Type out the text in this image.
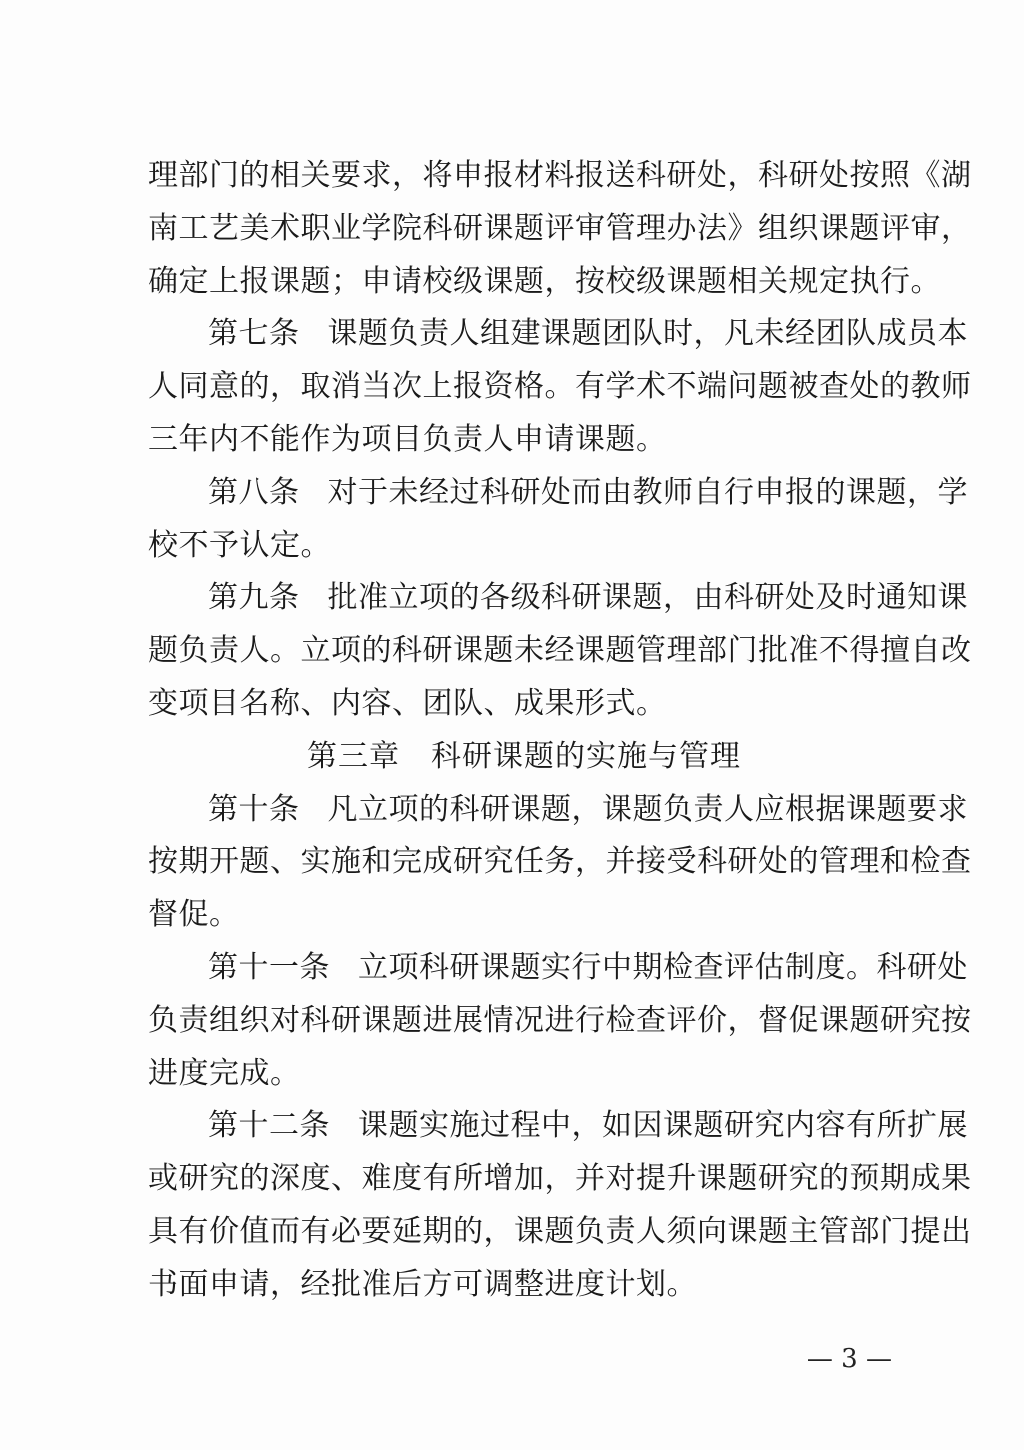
理部门的相关要求，将申报材料报送科研处，科研处按照《湖
南工艺美术职业学院科研课题评审管理办法》组织课题评审，
确定上报课题；申请校级课题，按校级课题相关规定执行。
第七条 课题负责人组建课题团队时，凡未经团队成员本
人同意的，取消当次上报资格。有学术不端问题被查处的教师
三年内不能作为项目负责人申请课题。
第八条 对于未经过科研处而由教师自行申报的课题，学
校不予认定。
第九条 批准立项的各级科研课题，由科研处及时通知课
题负责人。立项的科研课题未经课题管理部门批准不得擅自改
变项目名称、内容、团队、成果形式。
第三章　科研课题的实施与管理
第十条 凡立项的科研课题，课题负责人应根据课题要求
按期开题、实施和完成研究任务，并接受科研处的管理和检查
督促。
第十一条 立项科研课题实行中期检查评估制度。科研处
负责组织对科研课题进展情况进行检查评价，督促课题研究按
进度完成。
第十二条 课题实施过程中，如因课题研究内容有所扩展
或研究的深度、难度有所增加，并对提升课题研究的预期成果
具有价值而有必要延期的，课题负责人须向课题主管部门提出
书面申请，经批准后方可调整进度计划。
— 3 —
